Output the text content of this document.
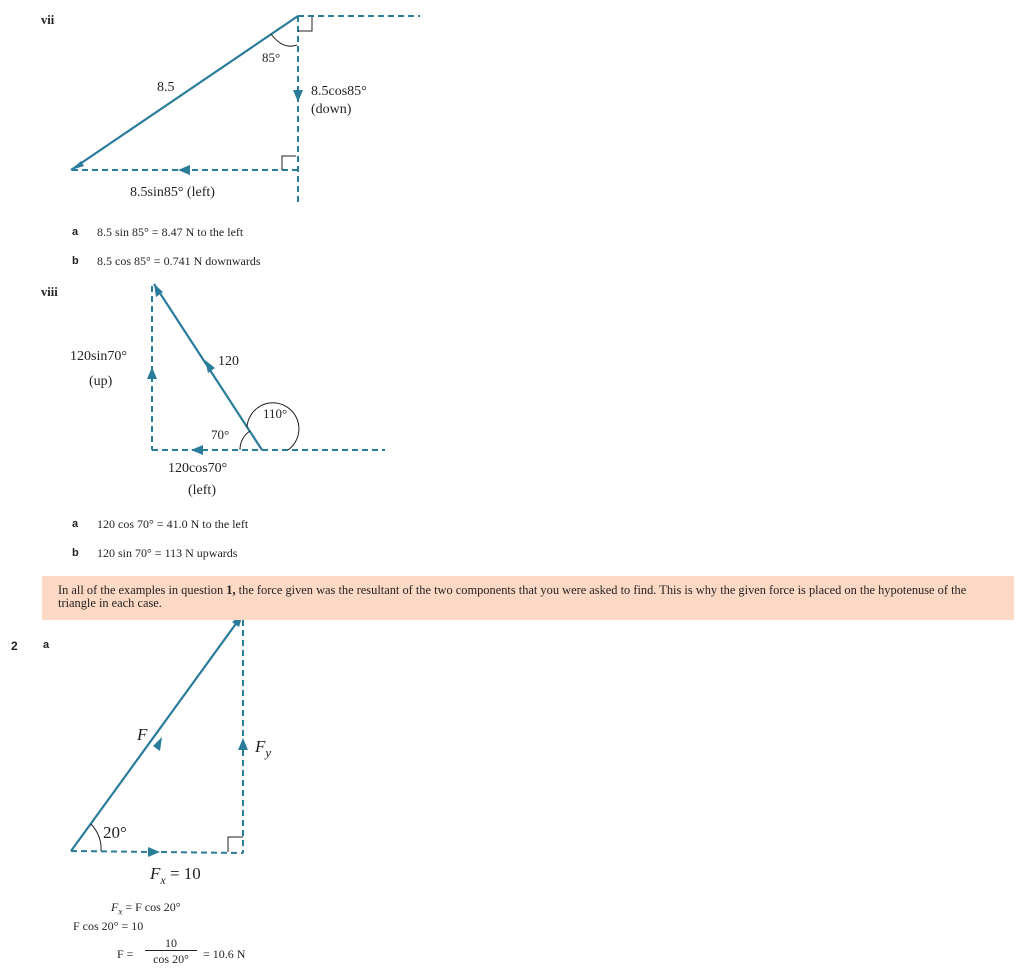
vii
85°
8.5	8.5cos85°
(down)
8.5sin85° (left)
120sin70°
(up)
120
110°
70°
120cos70°
(left)
20°
F
$F_y$
$F_x = 10$
a 8.5 sin 85° = 8.47 N to the left
b 8.5 cos 85° = 0.741 N downwards
viii
a 120 cos 70° = 41.0 N to the left
b 120 sin 70° = 113 N upwards
In all of the examples in question 1, the force given was the resultant of the two components that you were asked to find. This is why the given force is placed on the hypotenuse of the triangle in each case.
2 a
$F_x = F$ cos 20°
F cos 20° = 10
F =
10
cos 20°	= 10.6 N
